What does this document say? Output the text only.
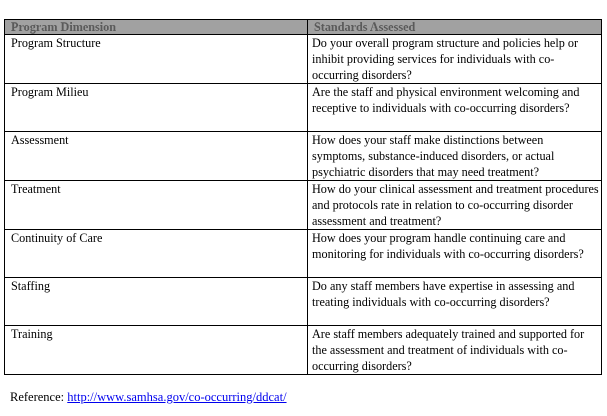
Program Dimension	Standards Assessed
Program Structure	Do your overall program structure and policies help or inhibit providing services for individuals with co-occurring disorders?
Program Milieu	Are the staff and physical environment welcoming and receptive to individuals with co-occurring disorders?
Assessment	How does your staff make distinctions between symptoms, substance-induced disorders, or actual psychiatric disorders that may need treatment?
Treatment	How do your clinical assessment and treatment procedures and protocols rate in relation to co-occurring disorder assessment and treatment?
Continuity of Care	How does your program handle continuing care and monitoring for individuals with co-occurring disorders?
Staffing	Do any staff members have expertise in assessing and treating individuals with co-occurring disorders?
Training	Are staff members adequately trained and supported for the assessment and treatment of individuals with co-occurring disorders?
Reference: http://www.samhsa.gov/co-occurring/ddcat/
